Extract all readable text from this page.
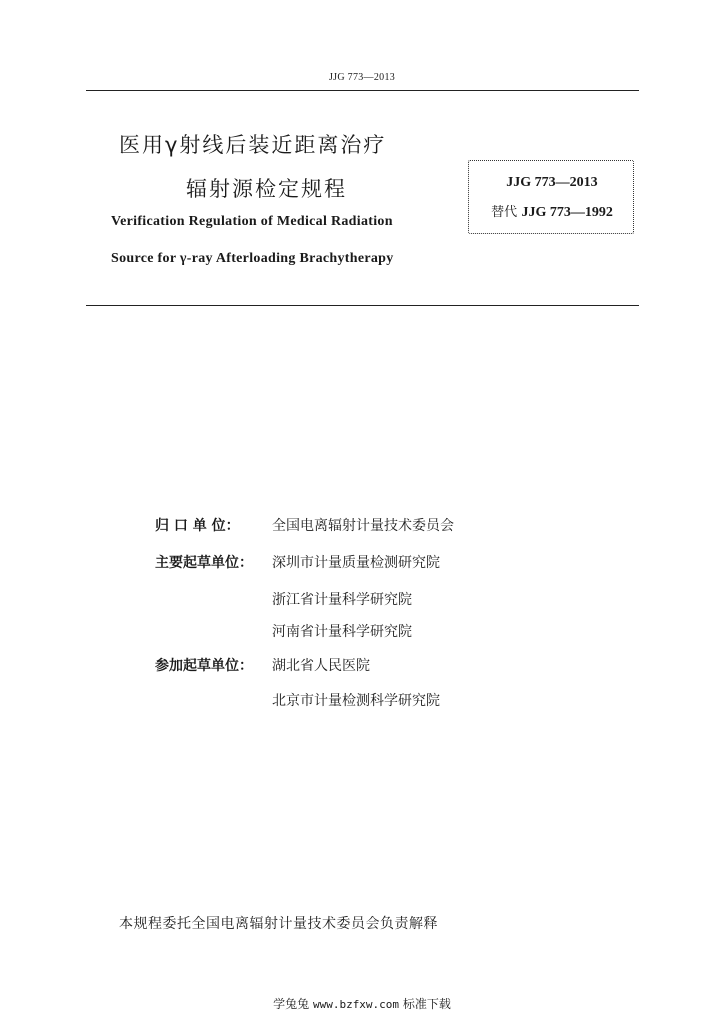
JJG 773—2013
医用γ射线后装近距离治疗
辐射源检定规程
Verification Regulation of Medical Radiation
Source for γ-ray Afterloading Brachytherapy
JJG 773—2013
替代 JJG 773—1992
归 口 单 位： 全国电离辐射计量技术委员会
主要起草单位： 深圳市计量质量检测研究院
浙江省计量科学研究院
河南省计量科学研究院
参加起草单位： 湖北省人民医院
北京市计量检测科学研究院
本规程委托全国电离辐射计量技术委员会负责解释
学兔兔 www.bzfxw.com 标准下载
